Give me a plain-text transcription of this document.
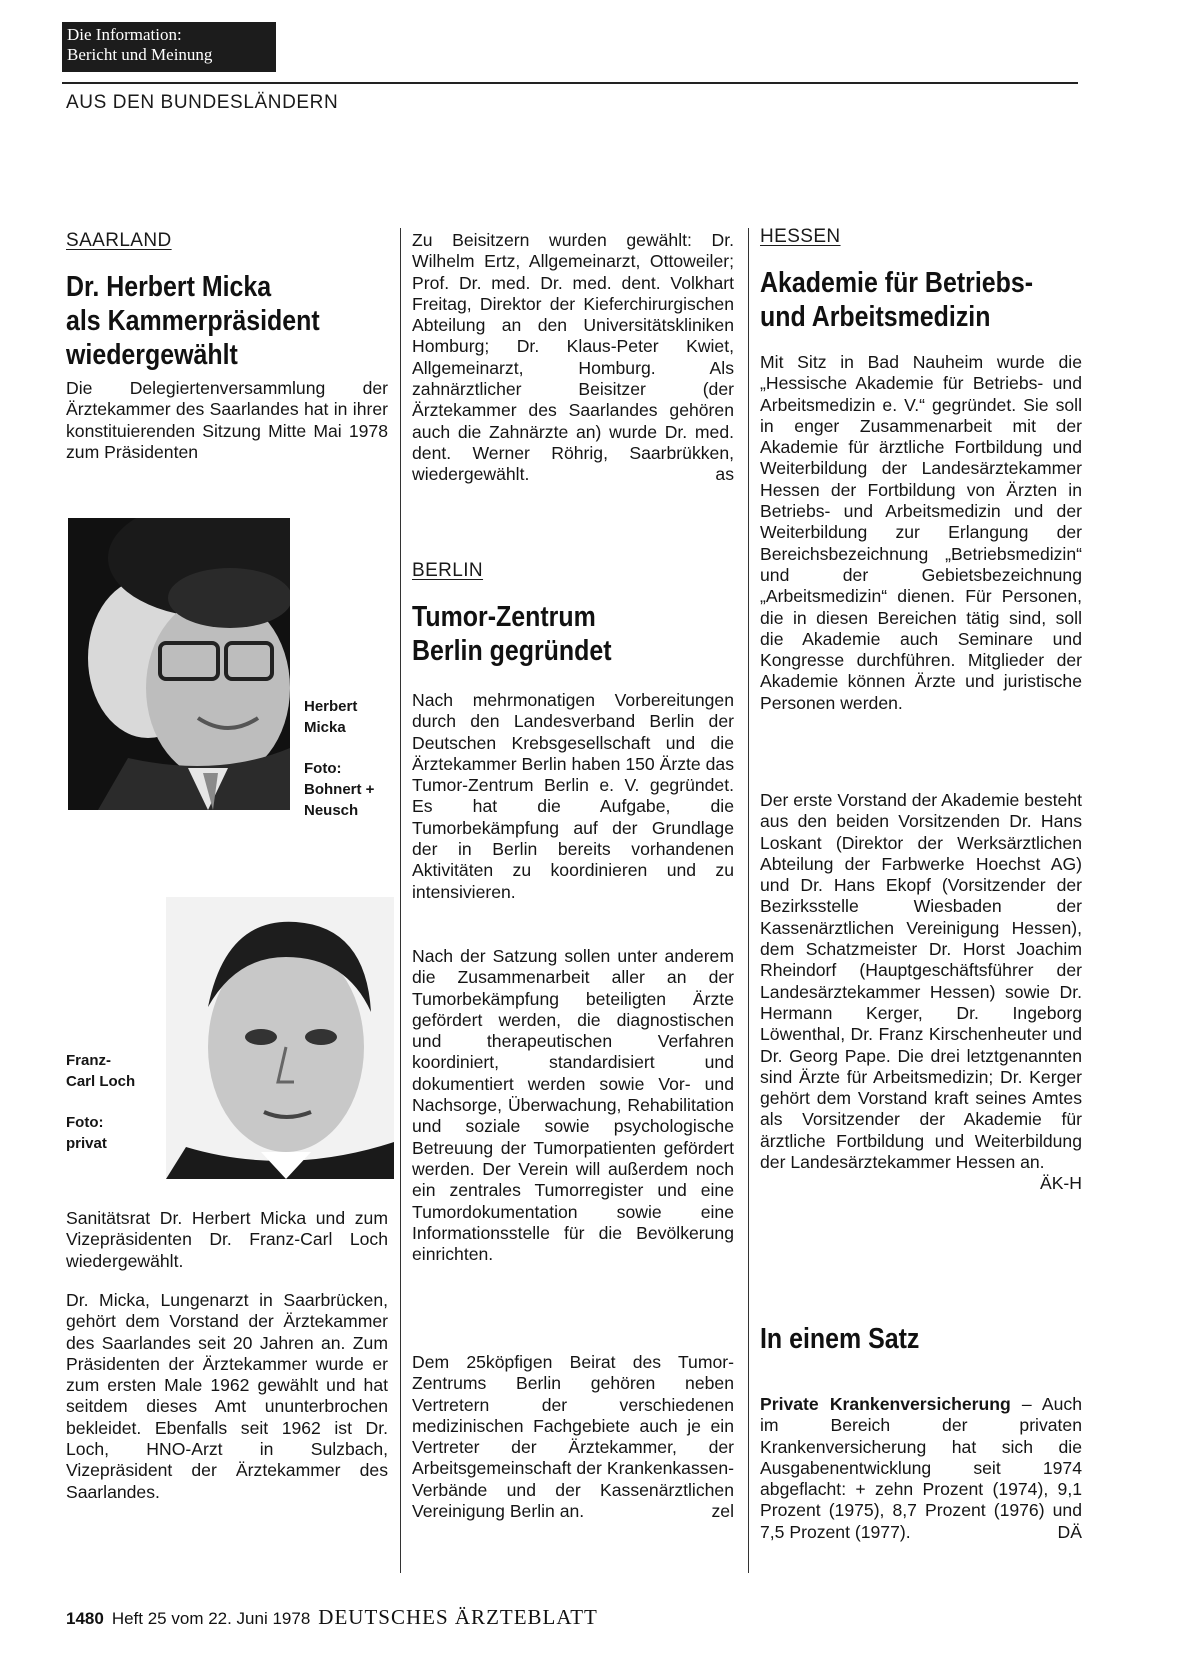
Die Information:
Bericht und Meinung
AUS DEN BUNDESLÄNDERN
SAARLAND
Dr. Herbert Micka
als Kammerpräsident
wiedergewählt

Die Delegiertenversammlung der Ärztekammer des Saarlandes hat in ihrer konstituierenden Sitzung Mitte Mai 1978 zum Präsidenten

Herbert
Micka
Foto:
Bohnert +
Neusch
Franz-
Carl Loch
Foto:
privat

Sanitätsrat Dr. Herbert Micka und zum Vizepräsidenten Dr. Franz-Carl Loch wiedergewählt.

Dr. Micka, Lungenarzt in Saarbrücken, gehört dem Vorstand der Ärztekammer des Saarlandes seit 20 Jahren an. Zum Präsidenten der Ärztekammer wurde er zum ersten Male 1962 gewählt und hat seitdem dieses Amt ununterbrochen bekleidet. Ebenfalls seit 1962 ist Dr. Loch, HNO-Arzt in Sulzbach, Vizepräsident der Ärztekammer des Saarlandes.

Zu Beisitzern wurden gewählt: Dr. Wilhelm Ertz, Allgemeinarzt, Ottoweiler; Prof. Dr. med. Dr. med. dent. Volkhart Freitag, Direktor der Kieferchirurgischen Abteilung an den Universitätskliniken Homburg; Dr. Klaus-Peter Kwiet, Allgemeinarzt, Homburg. Als zahnärztlicher Beisitzer (der Ärztekammer des Saarlandes gehören auch die Zahnärzte an) wurde Dr. med. dent. Werner Röhrig, Saarbrükken, wiedergewählt.	as

BERLIN
Tumor-Zentrum
Berlin gegründet

Nach mehrmonatigen Vorbereitungen durch den Landesverband Berlin der Deutschen Krebsgesellschaft und die Ärztekammer Berlin haben 150 Ärzte das Tumor-Zentrum Berlin e. V. gegründet. Es hat die Aufgabe, die Tumorbekämpfung auf der Grundlage der in Berlin bereits vorhandenen Aktivitäten zu koordinieren und zu intensivieren.

Nach der Satzung sollen unter anderem die Zusammenarbeit aller an der Tumorbekämpfung beteiligten Ärzte gefördert werden, die diagnostischen und therapeutischen Verfahren koordiniert, standardisiert und dokumentiert werden sowie Vor- und Nachsorge, Überwachung, Rehabilitation und soziale sowie psychologische Betreuung der Tumorpatienten gefördert werden. Der Verein will außerdem noch ein zentrales Tumorregister und eine Tumordokumentation sowie eine Informationsstelle für die Bevölkerung einrichten.

Dem 25köpfigen Beirat des Tumor-Zentrums Berlin gehören neben Vertretern der verschiedenen medizinischen Fachgebiete auch je ein Vertreter der Ärztekammer, der Arbeitsgemeinschaft der Krankenkassen-Verbände und der Kassenärztlichen Vereinigung Berlin an.	zel

HESSEN
Akademie für Betriebs-
und Arbeitsmedizin

Mit Sitz in Bad Nauheim wurde die „Hessische Akademie für Betriebs- und Arbeitsmedizin e. V.“ gegründet. Sie soll in enger Zusammenarbeit mit der Akademie für ärztliche Fortbildung und Weiterbildung der Landesärztekammer Hessen der Fortbildung von Ärzten in Betriebs- und Arbeitsmedizin und der Weiterbildung zur Erlangung der Bereichsbezeichnung „Betriebsmedizin“ und der Gebietsbezeichnung „Arbeitsmedizin“ dienen. Für Personen, die in diesen Bereichen tätig sind, soll die Akademie auch Seminare und Kongresse durchführen. Mitglieder der Akademie können Ärzte und juristische Personen werden.

Der erste Vorstand der Akademie besteht aus den beiden Vorsitzenden Dr. Hans Loskant (Direktor der Werksärztlichen Abteilung der Farbwerke Hoechst AG) und Dr. Hans Ekopf (Vorsitzender der Bezirksstelle Wiesbaden der Kassenärztlichen Vereinigung Hessen), dem Schatzmeister Dr. Horst Joachim Rheindorf (Hauptgeschäftsführer der Landesärztekammer Hessen) sowie Dr. Hermann Kerger, Dr. Ingeborg Löwenthal, Dr. Franz Kirschenheuter und Dr. Georg Pape. Die drei letztgenannten sind Ärzte für Arbeitsmedizin; Dr. Kerger gehört dem Vorstand kraft seines Amtes als Vorsitzender der Akademie für ärztliche Fortbildung und Weiterbildung der Landesärztekammer Hessen an.
ÄK-H

In einem Satz

Private Krankenversicherung – Auch im Bereich der privaten Krankenversicherung hat sich die Ausgabenentwicklung seit 1974 abgeflacht: + zehn Prozent (1974), 9,1 Prozent (1975), 8,7 Prozent (1976) und 7,5 Prozent (1977).	DÄ

1480 Heft 25 vom 22. Juni 1978 DEUTSCHES ÄRZTEBLATT
